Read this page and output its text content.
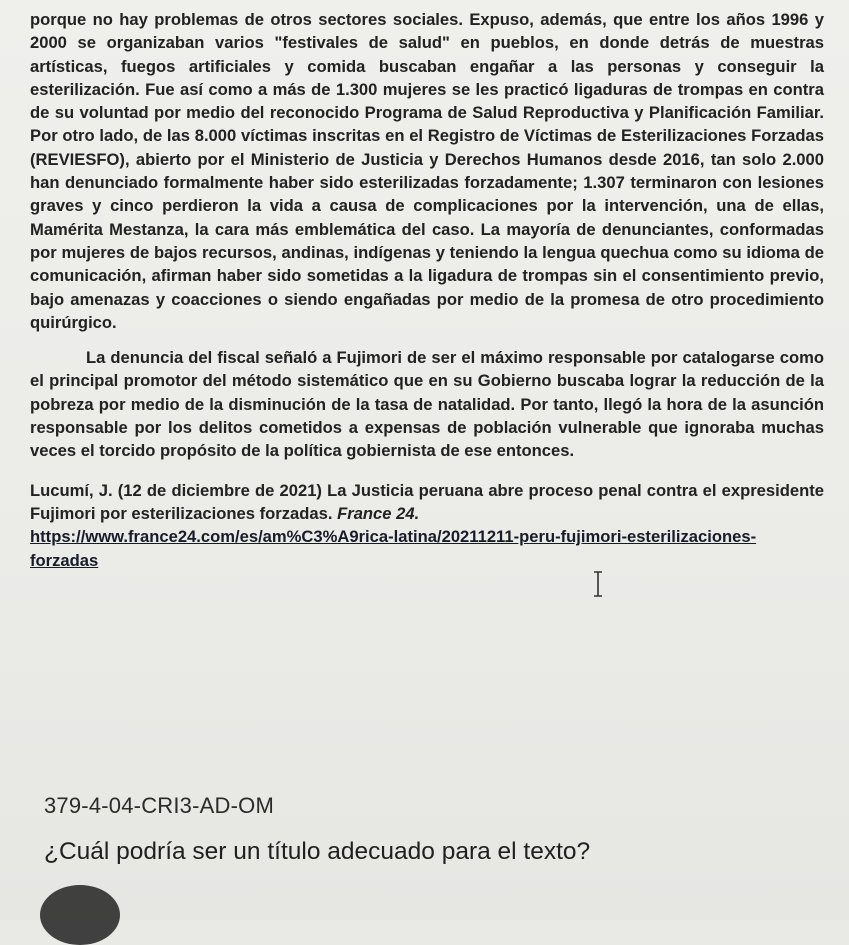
porque no hay problemas de otros sectores sociales. Expuso, además, que entre los años 1996 y 2000 se organizaban varios "festivales de salud" en pueblos, en donde detrás de muestras artísticas, fuegos artificiales y comida buscaban engañar a las personas y conseguir la esterilización. Fue así como a más de 1.300 mujeres se les practicó ligaduras de trompas en contra de su voluntad por medio del reconocido Programa de Salud Reproductiva y Planificación Familiar. Por otro lado, de las 8.000 víctimas inscritas en el Registro de Víctimas de Esterilizaciones Forzadas (REVIESFO), abierto por el Ministerio de Justicia y Derechos Humanos desde 2016, tan solo 2.000 han denunciado formalmente haber sido esterilizadas forzadamente; 1.307 terminaron con lesiones graves y cinco perdieron la vida a causa de complicaciones por la intervención, una de ellas, Mamérita Mestanza, la cara más emblemática del caso. La mayoría de denunciantes, conformadas por mujeres de bajos recursos, andinas, indígenas y teniendo la lengua quechua como su idioma de comunicación, afirman haber sido sometidas a la ligadura de trompas sin el consentimiento previo, bajo amenazas y coacciones o siendo engañadas por medio de la promesa de otro procedimiento quirúrgico.

La denuncia del fiscal señaló a Fujimori de ser el máximo responsable por catalogarse como el principal promotor del método sistemático que en su Gobierno buscaba lograr la reducción de la pobreza por medio de la disminución de la tasa de natalidad. Por tanto, llegó la hora de la asunción responsable por los delitos cometidos a expensas de población vulnerable que ignoraba muchas veces el torcido propósito de la política gobiernista de ese entonces.

Lucumí, J. (12 de diciembre de 2021) La Justicia peruana abre proceso penal contra el expresidente Fujimori por esterilizaciones forzadas. France 24.
https://www.france24.com/es/am%C3%A9rica-latina/20211211-peru-fujimori-esterilizaciones-forzadas

379-4-04-CRI3-AD-OM
¿Cuál podría ser un título adecuado para el texto?
